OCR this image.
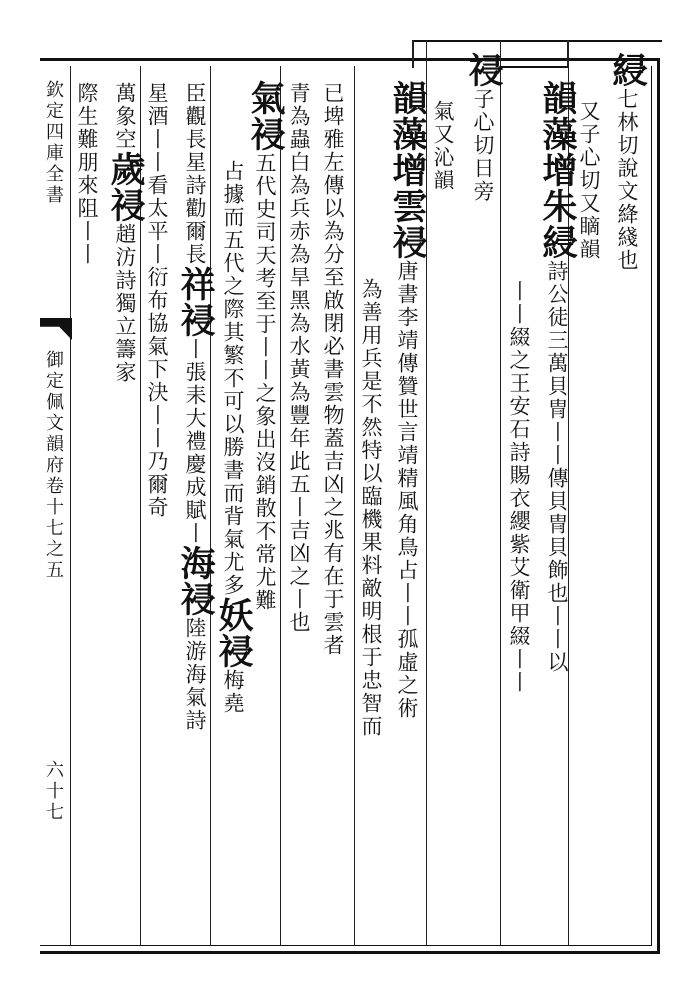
欽定四庫全書
御定佩文韻府卷十七之五
六十七
綅七林切說文絳綫也
又子心切又䁤韻
韻藻增朱綅詩公徒三萬貝冑丨丨傳貝冑貝飾也丨丨以
丨丨綴之王安石詩賜衣纓紫艾衛甲綴丨丨
祲子心切日旁
氣又沁韻
韻藻增雲祲唐書李靖傳贊世言靖精風角鳥占丨丨孤虛之術
為善用兵是不然特以臨機果料敵明根于忠智而
已埤雅左傳以為分至啟閉必書雲物蓋吉凶之兆有在于雲者
青為蟲白為兵赤為旱黑為水黃為豐年此五丨吉凶之丨也
氣祲五代史司天考至于丨丨之象出沒銷散不常尤難
占據而五代之際其繁不可以勝書而背氣尤多妖祲梅堯
臣觀長星詩勸爾長祥祲丨張耒大禮慶成賦丨海祲陸游海氣詩
星酒丨丨看太平丨衍布協氣下決丨丨乃爾奇
萬象空歲祲趙汸詩獨立籌家
際生難朋來阻丨丨
